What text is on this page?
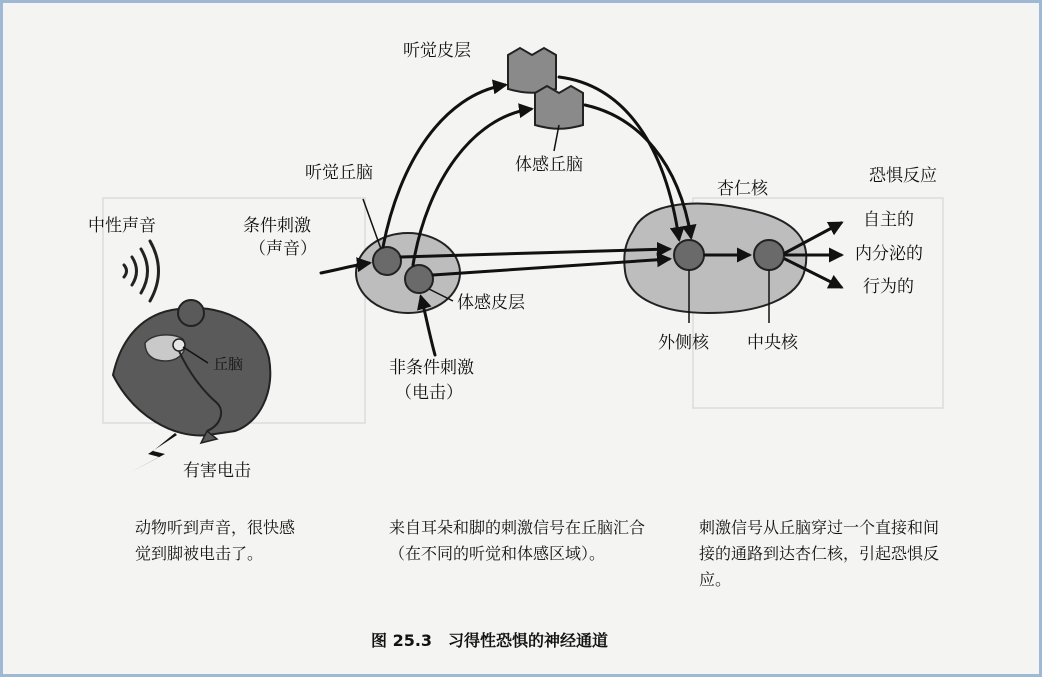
中性声音
听觉皮层
体感丘脑
听觉丘脑
条件刺激
（声音）
体感皮层
非条件刺激
（电击）
杏仁核
外侧核 中央核
恐惧反应
自主的
内分泌的
行为的
丘脑
有害电击
动物听到声音，很快感觉到脚被电击了。
来自耳朵和脚的刺激信号在丘脑汇合（在不同的听觉和体感区域）。
刺激信号从丘脑穿过一个直接和间接的通路到达杏仁核，引起恐惧反应。
图 25.3　习得性恐惧的神经通道
